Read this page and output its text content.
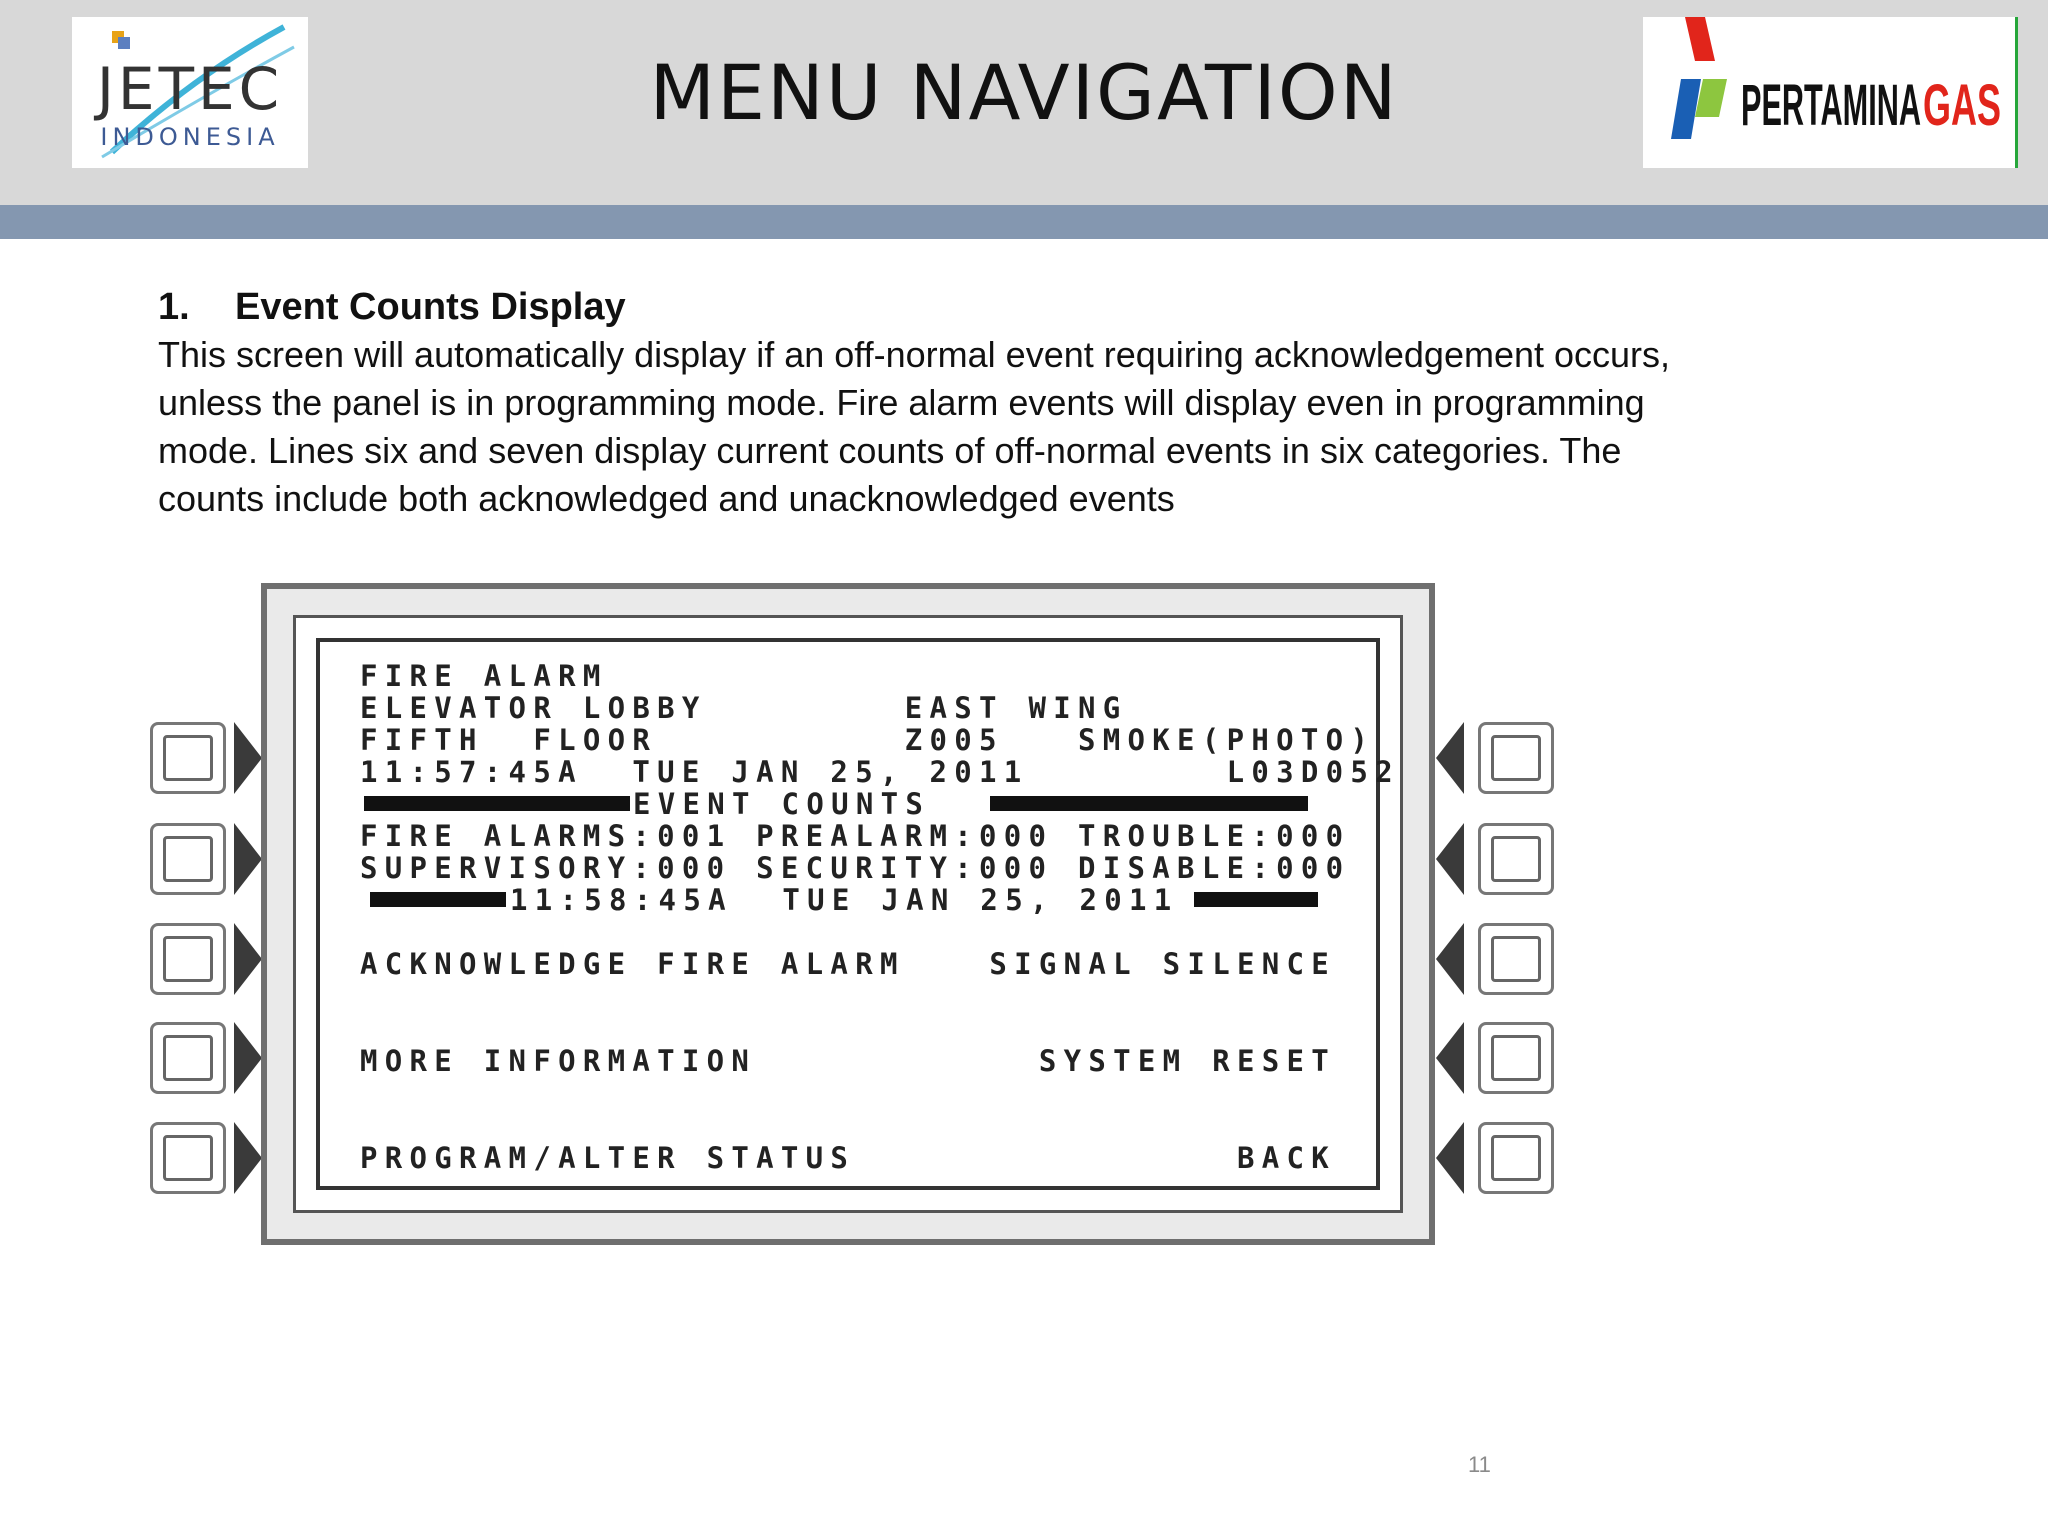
JETEC
INDONESIA	MENU NAVIGATION	PERTAMINA GAS
1. Event Counts Display
This screen will automatically display if an off-normal event requiring acknowledgement occurs,
unless the panel is in programming mode. Fire alarm events will display even in programming
mode. Lines six and seven display current counts of off-normal events in six categories. The
counts include both acknowledged and unacknowledged events
FIRE ALARM
ELEVATOR LOBBY        EAST WING
FIFTH  FLOOR          Z005   SMOKE(PHOTO)
11:57:45A  TUE JAN 25, 2011        L03D052
EVENT COUNTS
FIRE ALARMS:001 PREALARM:000 TROUBLE:000
SUPERVISORY:000 SECURITY:000 DISABLE:000
11:58:45A  TUE JAN 25, 2011
ACKNOWLEDGE FIRE ALARM	SIGNAL SILENCE
MORE INFORMATION	SYSTEM RESET
PROGRAM/ALTER STATUS	BACK
11
